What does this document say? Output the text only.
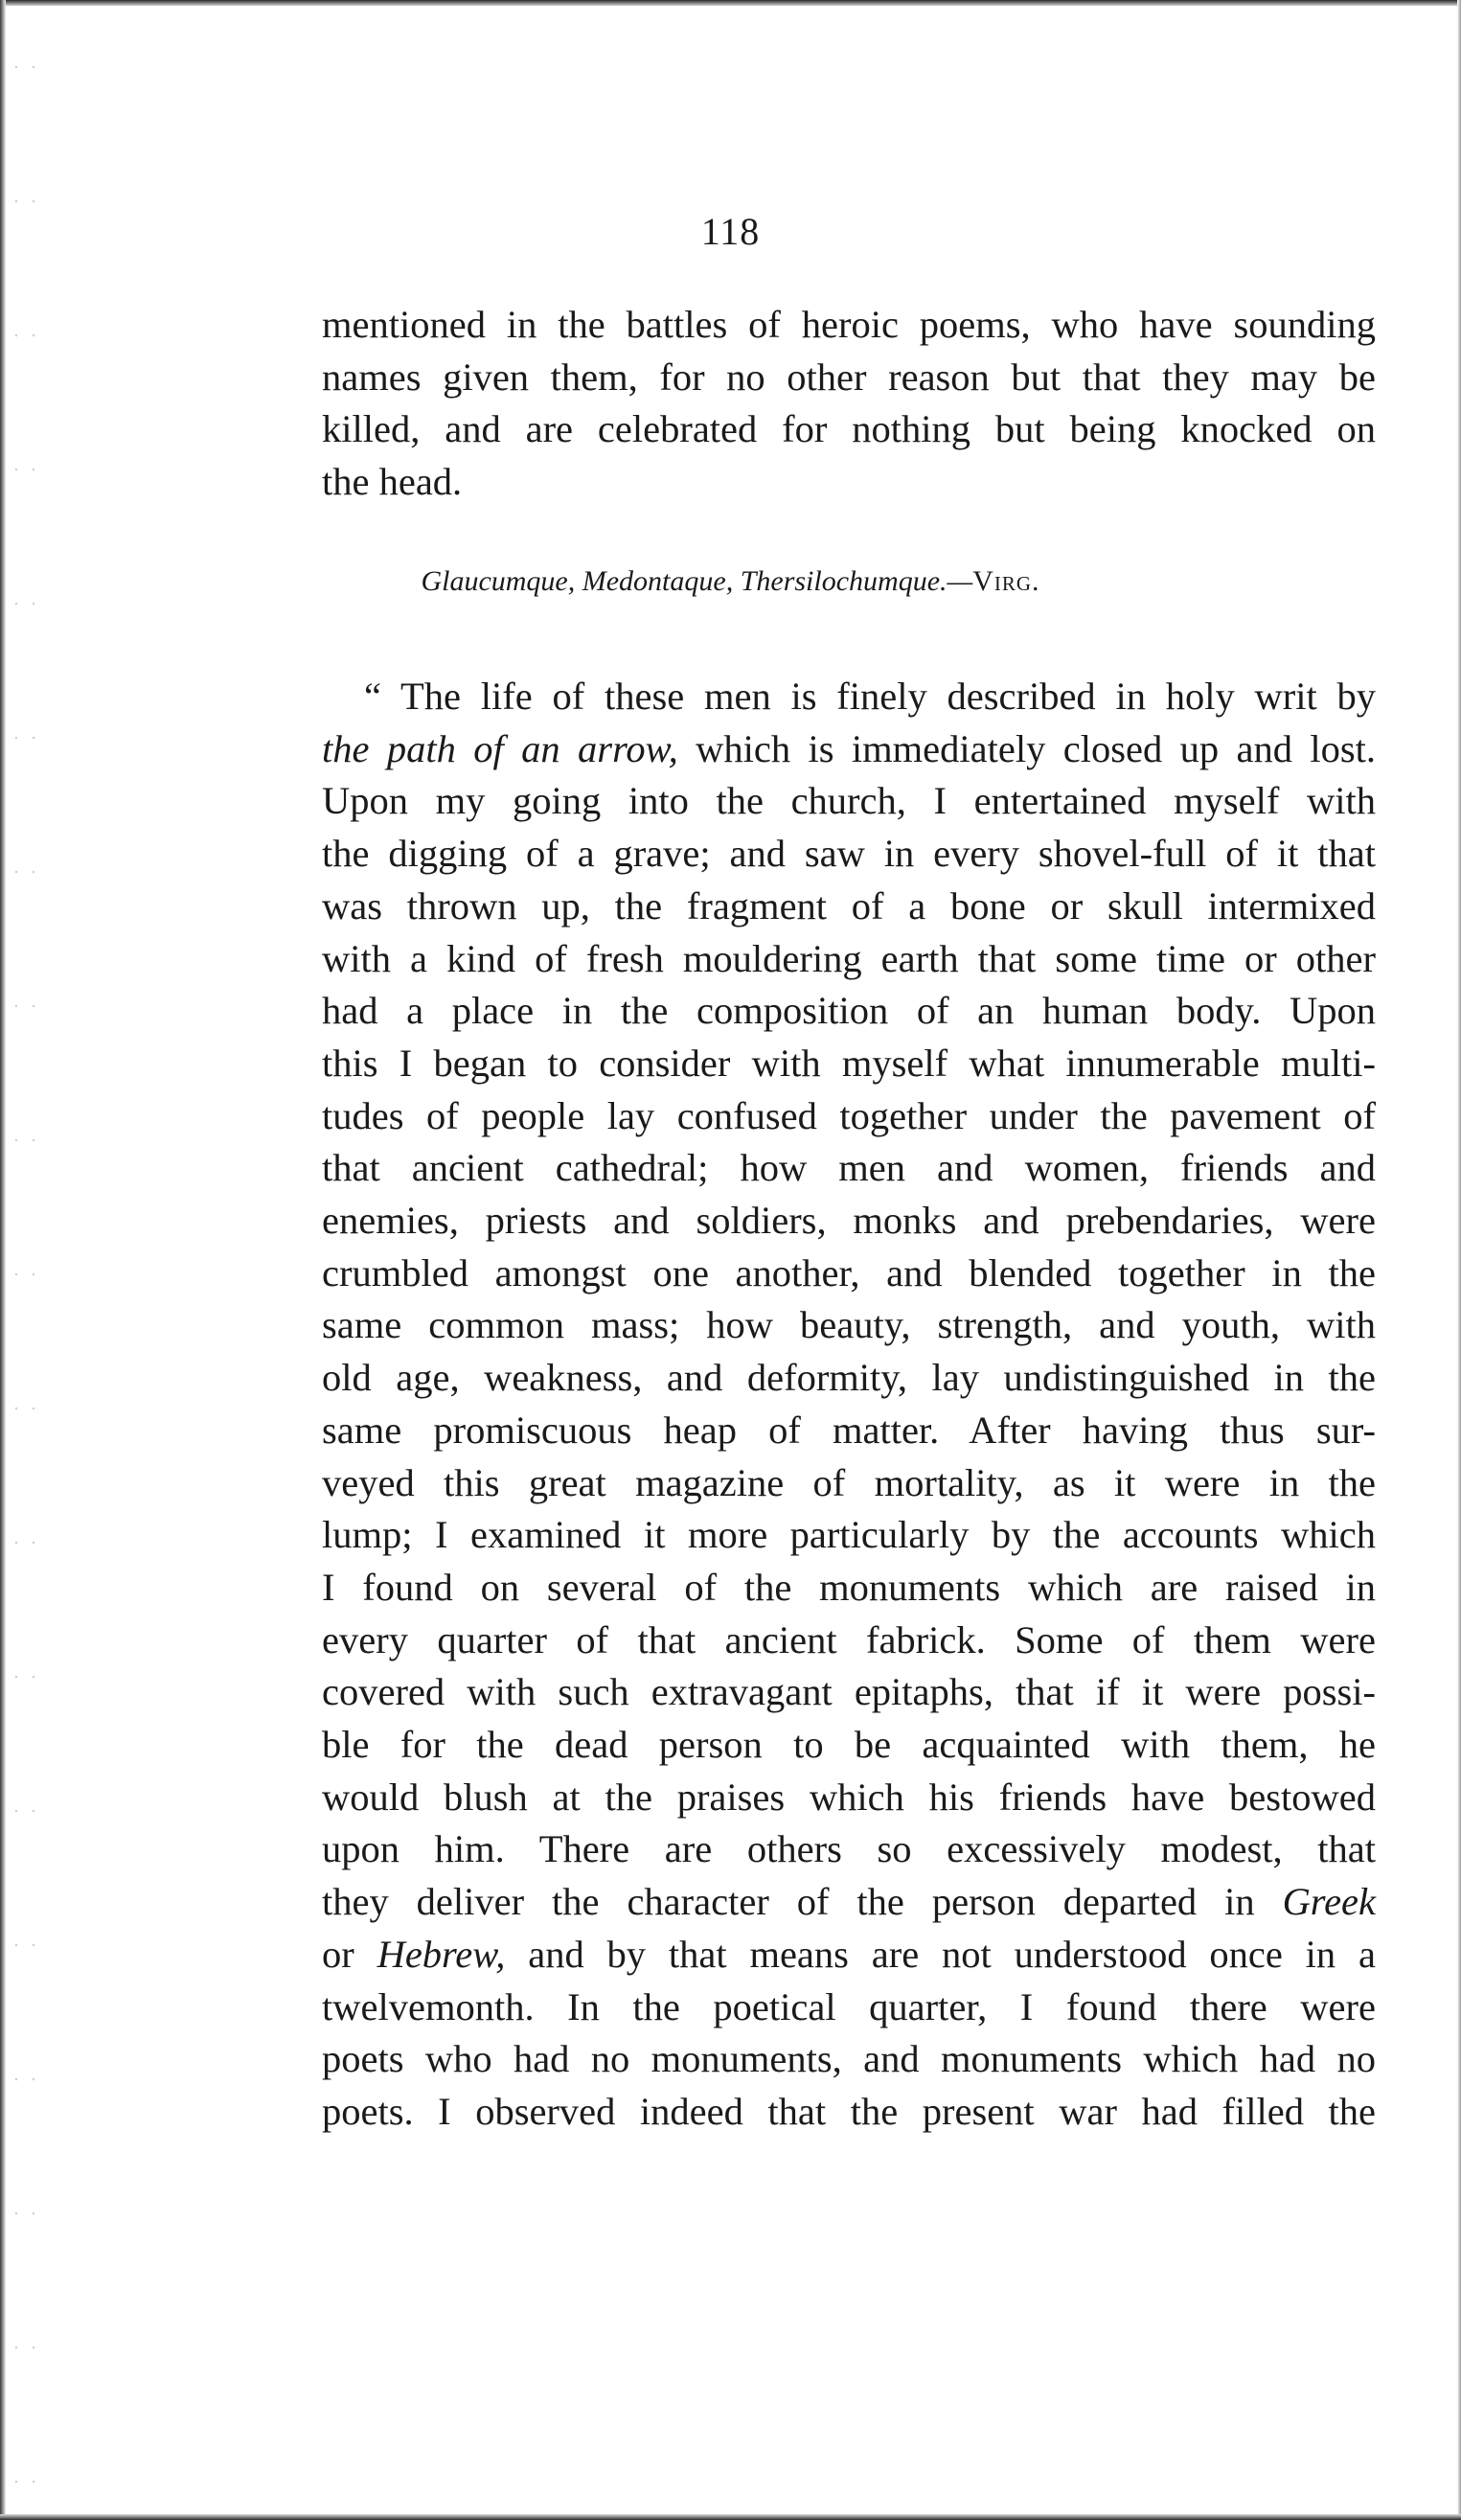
118
mentioned in the battles of heroic poems, who have sounding
names given them, for no other reason but that they may be
killed, and are celebrated for nothing but being knocked on
the head.
Glaucumque, Medontaque, Thersilochumque.—Virg.
“ The life of these men is finely described in holy writ by
the path of an arrow, which is immediately closed up and lost.
Upon my going into the church, I entertained myself with
the digging of a grave; and saw in every shovel-full of it that
was thrown up, the fragment of a bone or skull intermixed
with a kind of fresh mouldering earth that some time or other
had a place in the composition of an human body. Upon
this I began to consider with myself what innumerable multi-
tudes of people lay confused together under the pavement of
that ancient cathedral; how men and women, friends and
enemies, priests and soldiers, monks and prebendaries, were
crumbled amongst one another, and blended together in the
same common mass; how beauty, strength, and youth, with
old age, weakness, and deformity, lay undistinguished in the
same promiscuous heap of matter. After having thus sur-
veyed this great magazine of mortality, as it were in the
lump; I examined it more particularly by the accounts which
I found on several of the monuments which are raised in
every quarter of that ancient fabrick. Some of them were
covered with such extravagant epitaphs, that if it were possi-
ble for the dead person to be acquainted with them, he
would blush at the praises which his friends have bestowed
upon him. There are others so excessively modest, that
they deliver the character of the person departed in Greek
or Hebrew, and by that means are not understood once in a
twelvemonth. In the poetical quarter, I found there were
poets who had no monuments, and monuments which had no
poets. I observed indeed that the present war had filled the
